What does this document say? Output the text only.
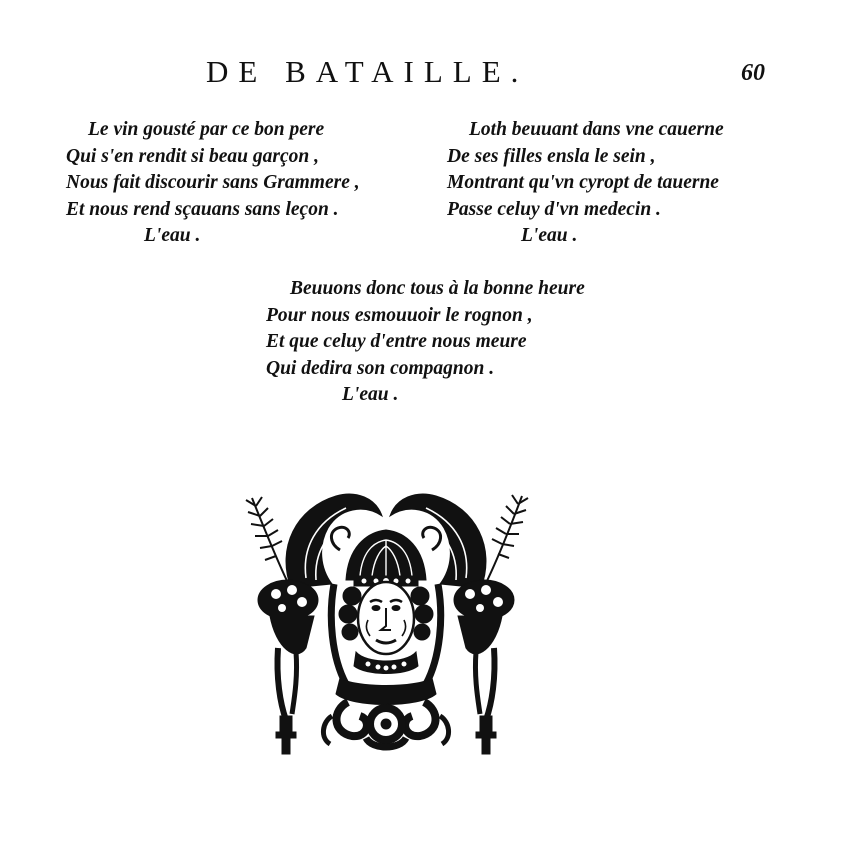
DE BATAILLE.	60
Le vin gousté par ce bon pere
Qui s'en rendit si beau garçon ,
Nous fait discourir sans Grammere ,
Et nous rend sçauans sans leçon .
L'eau .
Loth beuuant dans vne cauerne
De ses filles ensla le sein ,
Montrant qu'vn cyropt de tauerne
Passe celuy d'vn medecin .
L'eau .
Beuuons donc tous à la bonne heure
Pour nous esmouuoir le rognon ,
Et que celuy d'entre nous meure
Qui dedira son compagnon .
L'eau .
